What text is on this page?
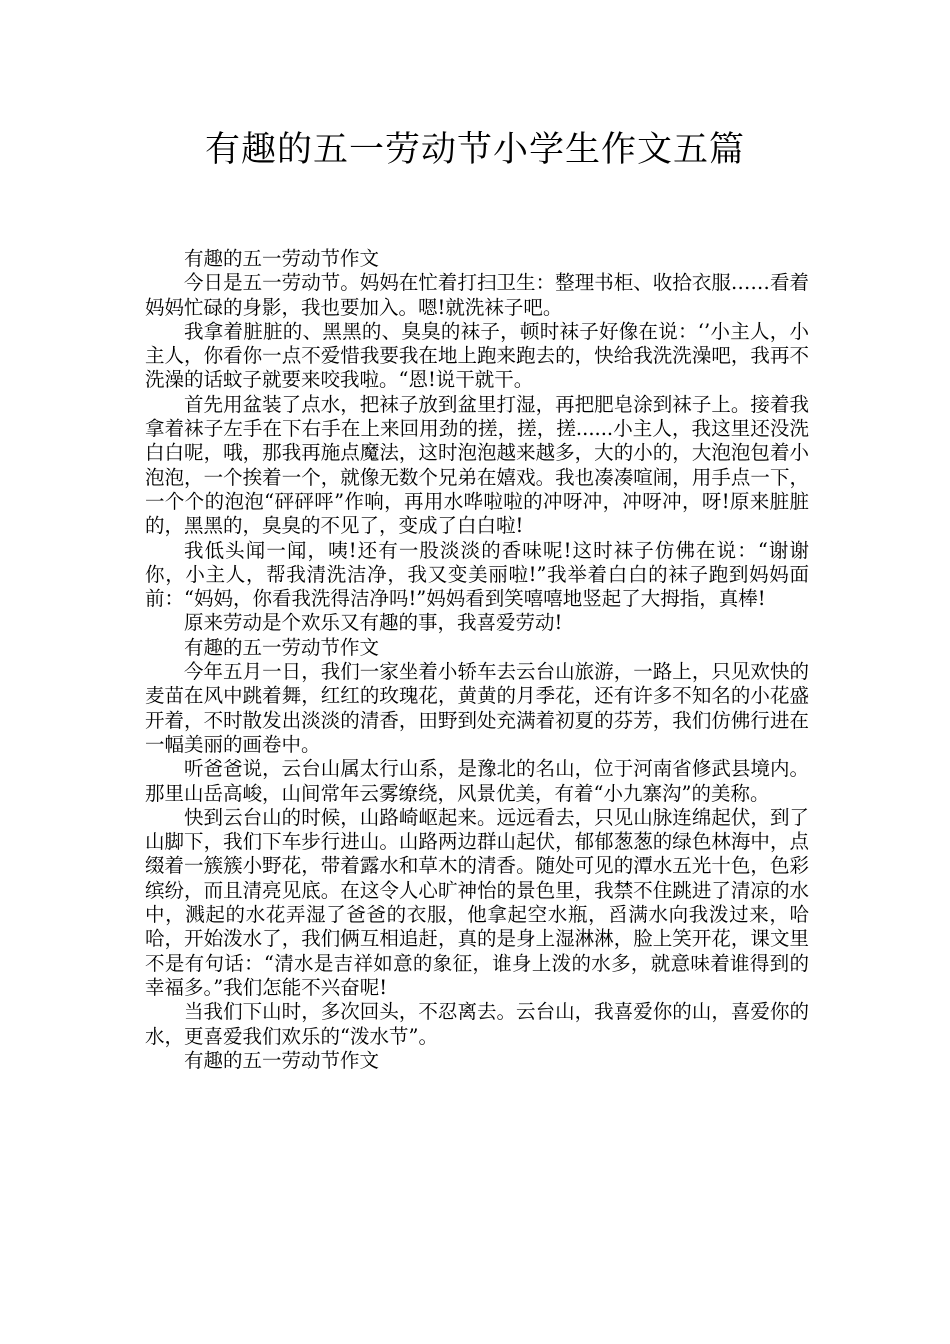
有趣的五一劳动节小学生作文五篇

有趣的五一劳动节作文

今日是五一劳动节。妈妈在忙着打扫卫生：整理书柜、收拾衣服……看着妈妈忙碌的身影，我也要加入。嗯!就洗袜子吧。

我拿着脏脏的、黑黑的、臭臭的袜子，顿时袜子好像在说：‘’小主人，小主人，你看你一点不爱惜我要我在地上跑来跑去的，快给我洗洗澡吧，我再不洗澡的话蚊子就要来咬我啦。“恩!说干就干。

首先用盆装了点水，把袜子放到盆里打湿，再把肥皂涂到袜子上。接着我拿着袜子左手在下右手在上来回用劲的搓，搓，搓......小主人，我这里还没洗白白呢，哦，那我再施点魔法，这时泡泡越来越多，大的小的，大泡泡包着小泡泡，一个挨着一个，就像无数个兄弟在嬉戏。我也凑凑喧闹，用手点一下，一个个的泡泡“砰砰呯”作响，再用水哗啦啦的冲呀冲，冲呀冲，呀!原来脏脏的，黑黑的，臭臭的不见了，变成了白白啦!

我低头闻一闻，咦!还有一股淡淡的香味呢!这时袜子仿佛在说：“谢谢你，小主人，帮我清洗洁净，我又变美丽啦!”我举着白白的袜子跑到妈妈面前：“妈妈，你看我洗得洁净吗!”妈妈看到笑嘻嘻地竖起了大拇指，真棒!

原来劳动是个欢乐又有趣的事，我喜爱劳动!

有趣的五一劳动节作文

今年五月一日，我们一家坐着小轿车去云台山旅游，一路上，只见欢快的麦苗在风中跳着舞，红红的玫瑰花，黄黄的月季花，还有许多不知名的小花盛开着，不时散发出淡淡的清香，田野到处充满着初夏的芬芳，我们仿佛行进在一幅美丽的画卷中。

听爸爸说，云台山属太行山系，是豫北的名山，位于河南省修武县境内。那里山岳高峻，山间常年云雾缭绕，风景优美，有着“小九寨沟”的美称。

快到云台山的时候，山路崎岖起来。远远看去，只见山脉连绵起伏，到了山脚下，我们下车步行进山。山路两边群山起伏，郁郁葱葱的绿色林海中，点缀着一簇簇小野花，带着露水和草木的清香。随处可见的潭水五光十色，色彩缤纷，而且清亮见底。在这令人心旷神怡的景色里，我禁不住跳进了清凉的水中，溅起的水花弄湿了爸爸的衣服，他拿起空水瓶，舀满水向我泼过来，哈哈，开始泼水了，我们俩互相追赶，真的是身上湿淋淋，脸上笑开花，课文里不是有句话：“清水是吉祥如意的象征，谁身上泼的水多，就意味着谁得到的幸福多。”我们怎能不兴奋呢!

当我们下山时，多次回头，不忍离去。云台山，我喜爱你的山，喜爱你的水，更喜爱我们欢乐的“泼水节”。

有趣的五一劳动节作文
